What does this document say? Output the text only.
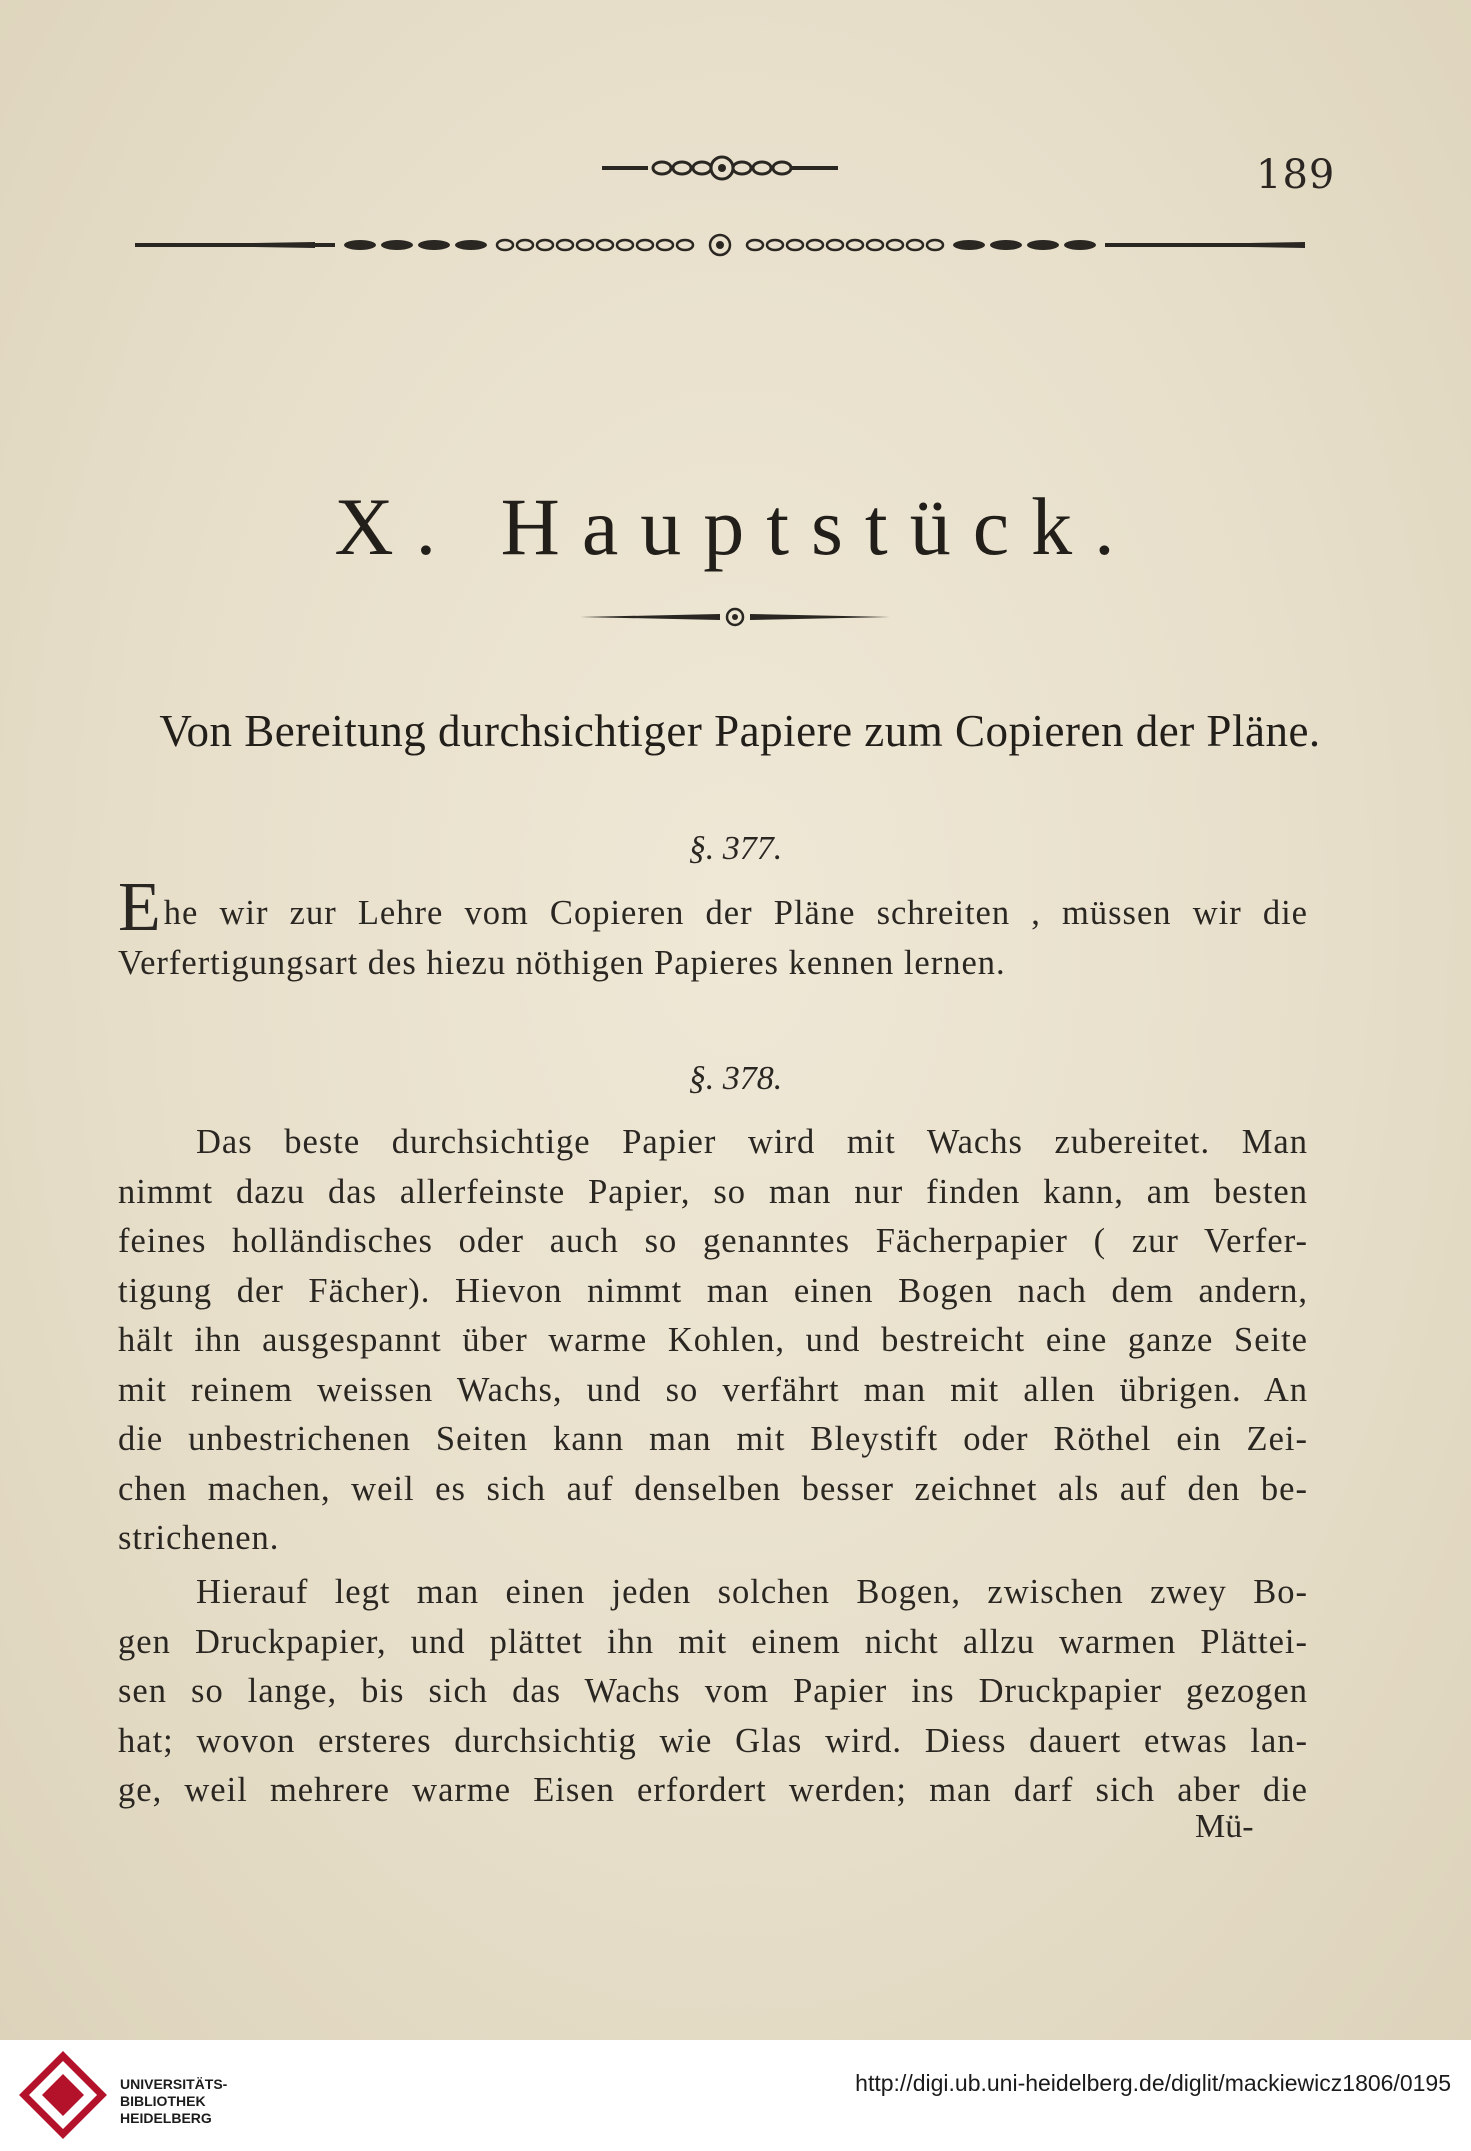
189
X. Hauptstück.
Von Bereitung durchsichtiger Papiere zum Copieren der Pläne.
§. 377.
Ehe wir zur Lehre vom Copieren der Pläne schreiten , müssen wir die
Verfertigungsart des hiezu nöthigen Papieres kennen lernen.
§. 378.
Das beste durchsichtige Papier wird mit Wachs zubereitet. Man
nimmt dazu das allerfeinste Papier, so man nur finden kann, am besten
feines holländisches oder auch so genanntes Fächerpapier ( zur Verfer-
tigung der Fächer). Hievon nimmt man einen Bogen nach dem andern,
hält ihn ausgespannt über warme Kohlen, und bestreicht eine ganze Seite
mit reinem weissen Wachs, und so verfährt man mit allen übrigen. An
die unbestrichenen Seiten kann man mit Bleystift oder Röthel ein Zei-
chen machen, weil es sich auf denselben besser zeichnet als auf den be-
strichenen.
Hierauf legt man einen jeden solchen Bogen, zwischen zwey Bo-
gen Druckpapier, und plättet ihn mit einem nicht allzu warmen Plättei-
sen so lange, bis sich das Wachs vom Papier ins Druckpapier gezogen
hat; wovon ersteres durchsichtig wie Glas wird. Diess dauert etwas lan-
ge, weil mehrere warme Eisen erfordert werden; man darf sich aber die
Mü-
UNIVERSITÄTS-
BIBLIOTHEK
HEIDELBERG
http://digi.ub.uni-heidelberg.de/diglit/mackiewicz1806/0195
